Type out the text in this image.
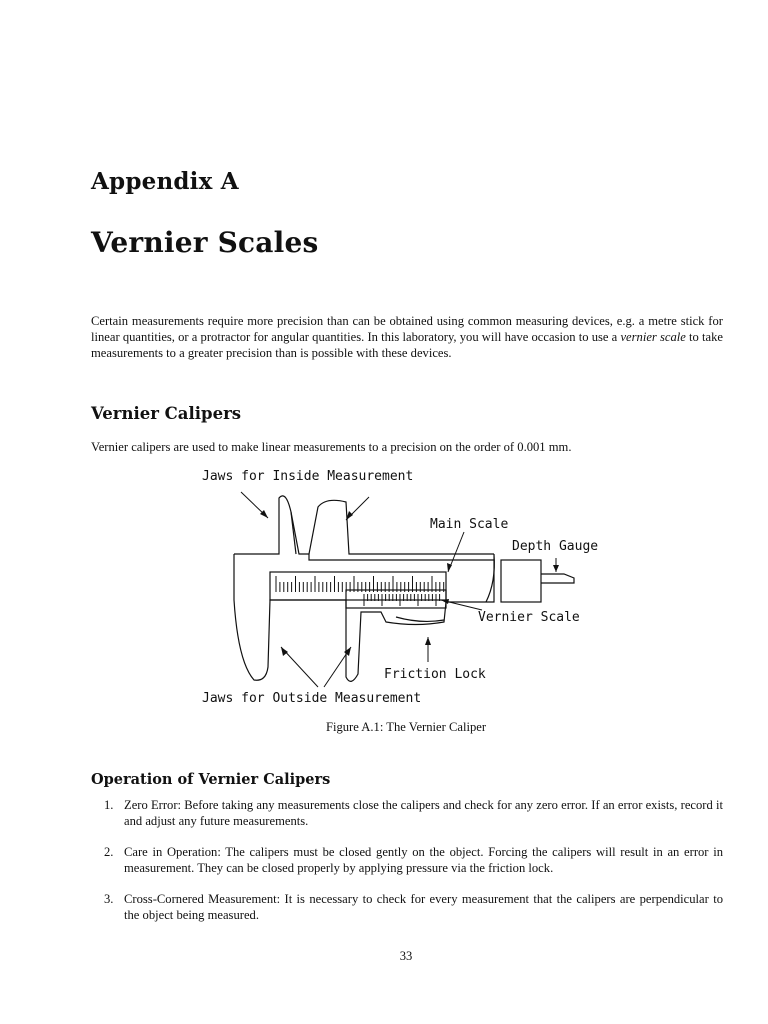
Appendix A
Vernier Scales

Certain measurements require more precision than can be obtained using common measuring devices, e.g. a metre stick for linear quantities, or a protractor for angular quantities. In this laboratory, you will have occasion to use a vernier scale to take measurements to a greater precision than is possible with these devices.

Vernier Calipers

Vernier calipers are used to make linear measurements to a precision on the order of 0.001 mm.

Jaws for Inside Measurement
Main Scale
Depth Gauge
Vernier Scale
Friction Lock
Jaws for Outside Measurement

Figure A.1: The Vernier Caliper

Operation of Vernier Calipers
1. Zero Error: Before taking any measurements close the calipers and check for any zero error. If an error exists, record it and adjust any future measurements.
2. Care in Operation: The calipers must be closed gently on the object. Forcing the calipers will result in an error in measurement. They can be closed properly by applying pressure via the friction lock.
3. Cross-Cornered Measurement: It is necessary to check for every measurement that the calipers are perpendicular to the object being measured.

33
